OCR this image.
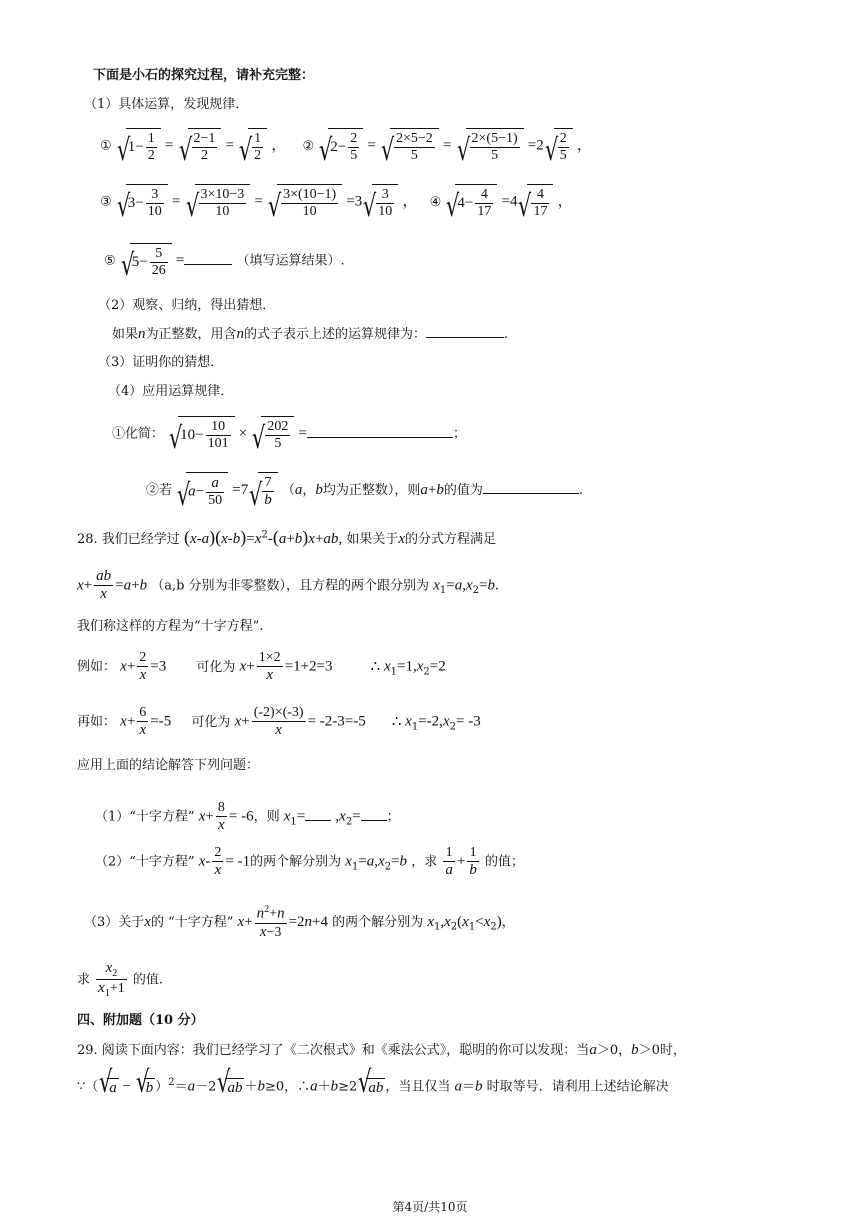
下面是小石的探究过程，请补充完整：
（1）具体运算，发现规律．
① √ $1- \frac{1}{2}$ = √ $\frac{2-1}{2}$ = √ $\frac{1}{2}$ ， ② √ $2- \frac{2}{5}$ = √ $\frac{2\times 5-2}{5}$ = √ $\frac{2\times(5-1)}{5} =2$ √ $\frac{2}{5}$ ，
③ √ $3- \frac{3}{10}$ = √ $\frac{3\times 10-3}{10}$ = √ $\frac{3\times(10-1)}{10} =3$ √ $\frac{3}{10}$ ， ④ √ $4- \frac{4}{17} =4$ √ $\frac{4}{17}$ ，
⑤ √ $5- \frac{5}{26}$ =	（填写运算结果）.
（2）观察、归纳，得出猜想．
如果n为正整数，用含n的式子表示上述的运算规律为：	.
（3）证明你的猜想．
（4）应用运算规律．
①化简： √ $10- \frac{10}{101}$ × √ $\frac{202}{5}$ =	；
②若 √ $a- \frac{a}{50} =7$ √ $\frac{7}{b} (a$，b均为正整数），则a+b的值为	.
28. 我们已经学过 $(x-a)(x-b)=x^2-(a+b)x+ab$, 如果关于x的分式方程满足
$x+ \frac{ab}{x} =a+b$ （a,b 分别为非零整数），且方程的两个跟分别为 $x_1=a,x_2=b$.
我们称这样的方程为“十字方程”.
例如： $x+ \frac{2}{x} =3$ 可化为 $x+ \frac{1\times 2}{x} =1+2=3$	∴ $x_1=1,x_2=2$
再如： $x+ \frac{6}{x} =-5$ 可化为 $x+ \frac{(-2)\times(-3)}{x} = -2-3=-5$ ∴ $x_1=-2,x_2= -3$
应用上面的结论解答下列问题：
（1）“十字方程” $x+ \frac{8}{x} = -6$，则 $x_1= ,x_2=$ ；
（2）“十字方程” $x- \frac{2}{x} = -1$的两个解分别为 $x_1=a,x_2=b$ ，求 $\frac{1}{a} + \frac{1}{b}$ 的值；
（3）关于x的 “十字方程” $x+ \frac{n^2+n}{x-3} =2n+4$ 的两个解分别为 $x_1,x_2(x_1<x_2)$，
求 $\frac{x_2}{x_1+1}$ 的值.
四、附加题（10 分）
29. 阅读下面内容：我们已经学习了《二次根式》和《乘法公式》，聪明的你可以发现：当a＞0，b＞0时，
∵（ √ a − √ b ）$^2$＝a－2 √ ab ＋b≥0，∴a＋b≥2 √ ab ，当且仅当 a＝b 时取等号．请利用上述结论解决
第4页/共10页
